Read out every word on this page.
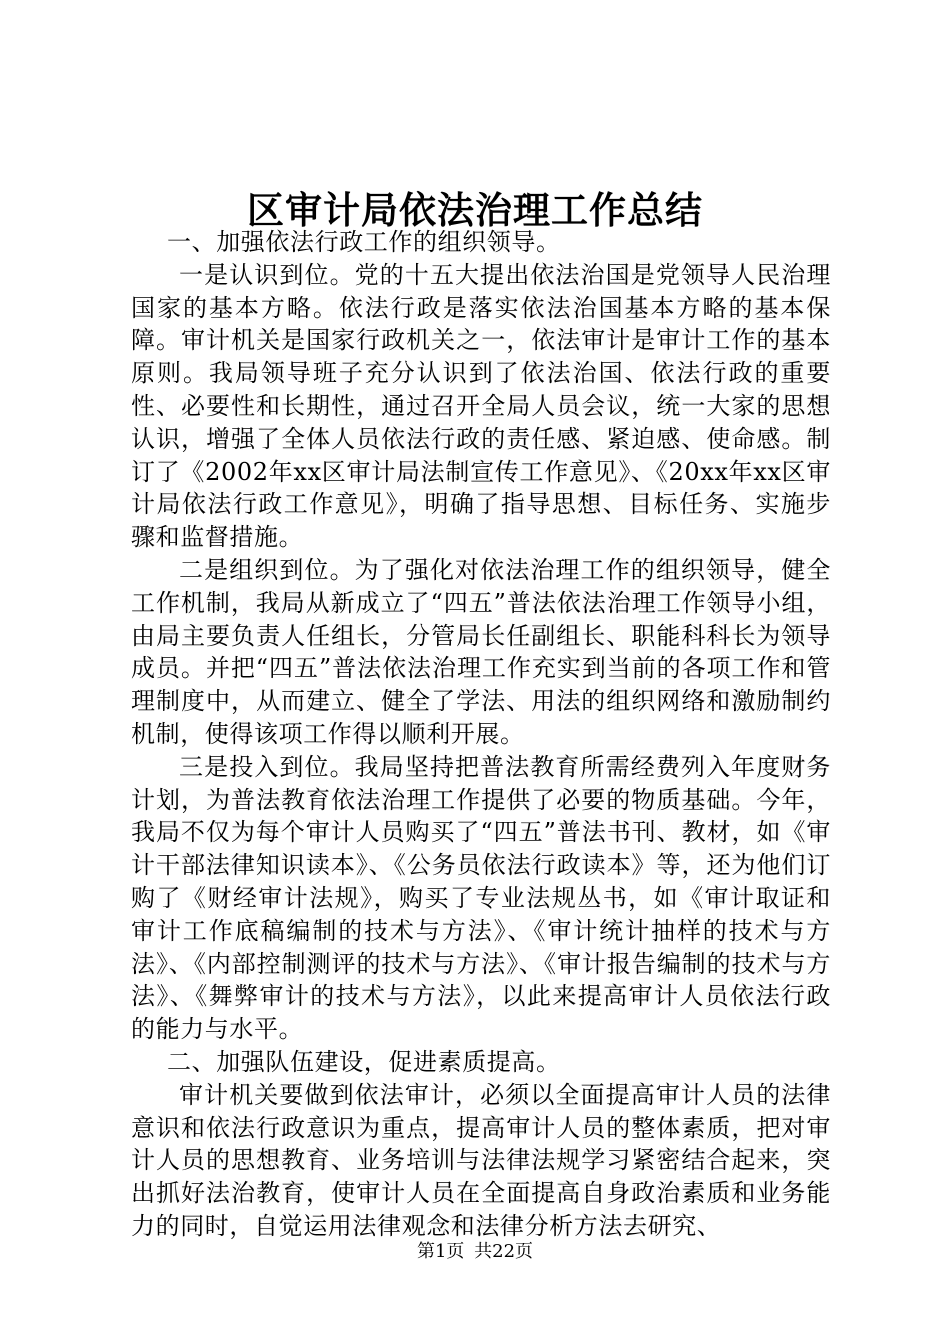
区审计局依法治理工作总结

一、加强依法行政工作的组织领导。

一是认识到位。党的十五大提出依法治国是党领导人民治理国家的基本方略。依法行政是落实依法治国基本方略的基本保障。审计机关是国家行政机关之一，依法审计是审计工作的基本原则。我局领导班子充分认识到了依法治国、依法行政的重要性、必要性和长期性，通过召开全局人员会议，统一大家的思想认识，增强了全体人员依法行政的责任感、紧迫感、使命感。制订了《2002年xx区审计局法制宣传工作意见》、《20xx年xx区审计局依法行政工作意见》，明确了指导思想、目标任务、实施步骤和监督措施。

二是组织到位。为了强化对依法治理工作的组织领导，健全工作机制，我局从新成立了“四五”普法依法治理工作领导小组，由局主要负责人任组长，分管局长任副组长、职能科科长为领导成员。并把“四五”普法依法治理工作充实到当前的各项工作和管理制度中，从而建立、健全了学法、用法的组织网络和激励制约机制，使得该项工作得以顺利开展。

三是投入到位。我局坚持把普法教育所需经费列入年度财务计划，为普法教育依法治理工作提供了必要的物质基础。今年，我局不仅为每个审计人员购买了“四五”普法书刊、教材，如《审计干部法律知识读本》、《公务员依法行政读本》等，还为他们订购了《财经审计法规》，购买了专业法规丛书，如《审计取证和审计工作底稿编制的技术与方法》、《审计统计抽样的技术与方法》、《内部控制测评的技术与方法》、《审计报告编制的技术与方法》、《舞弊审计的技术与方法》，以此来提高审计人员依法行政的能力与水平。

二、加强队伍建设，促进素质提高。

审计机关要做到依法审计，必须以全面提高审计人员的法律意识和依法行政意识为重点，提高审计人员的整体素质，把对审计人员的思想教育、业务培训与法律法规学习紧密结合起来，突出抓好法治教育，使审计人员在全面提高自身政治素质和业务能力的同时，自觉运用法律观念和法律分析方法去研究、

第1页 共22页
